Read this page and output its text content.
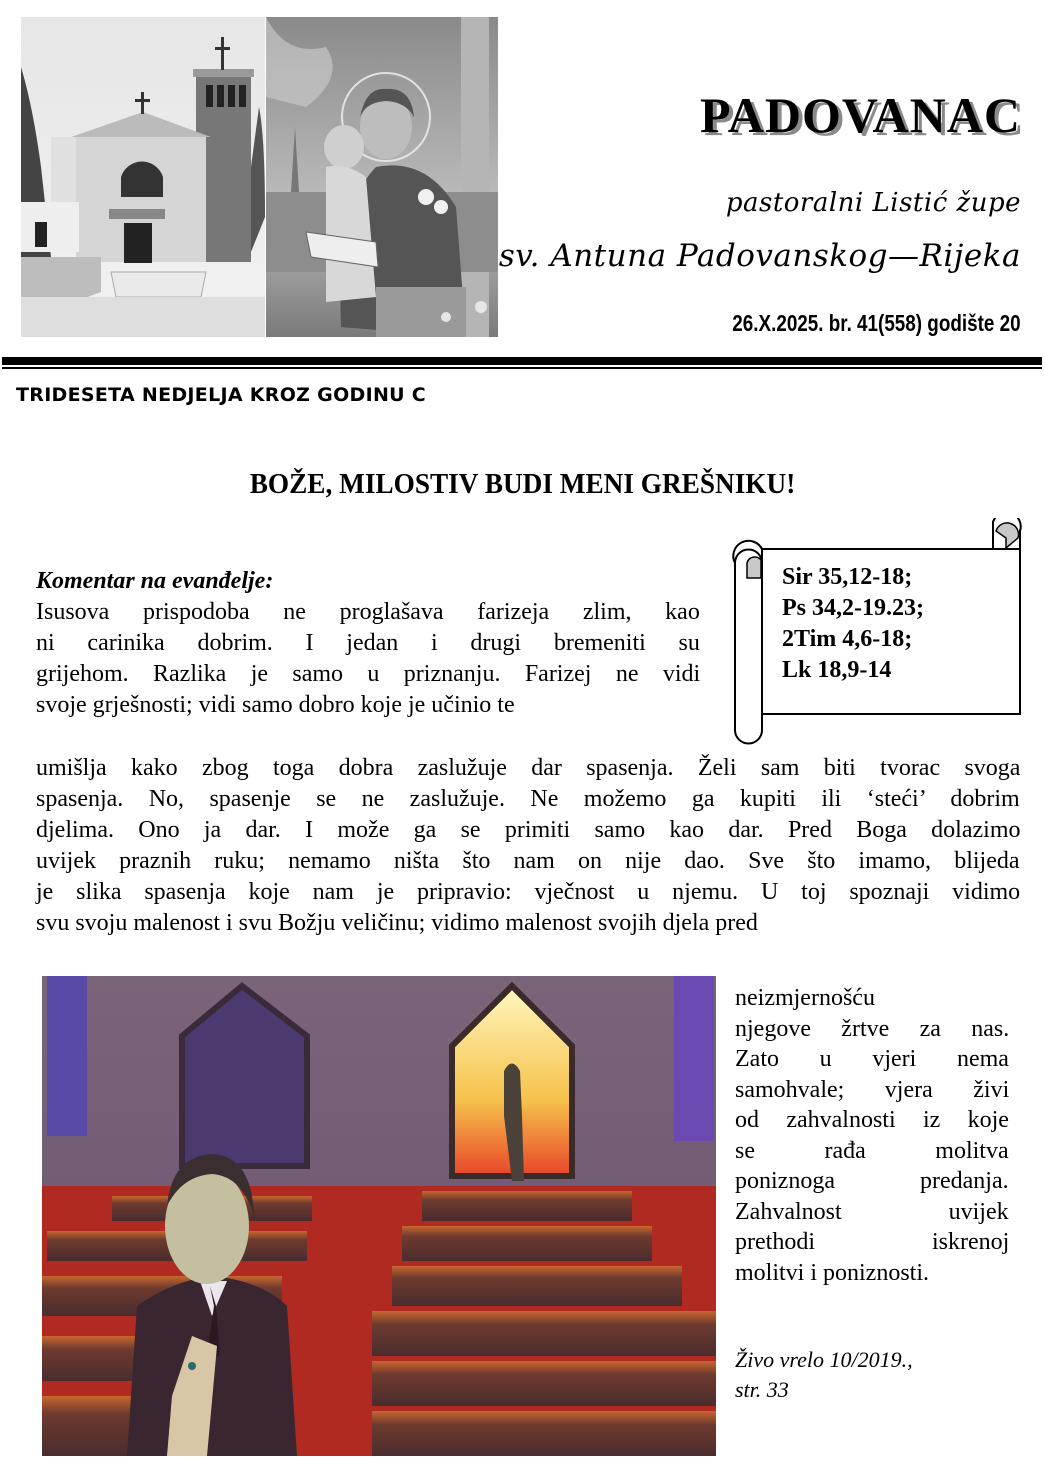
PADOVANAC
pastoralni Listić župe
sv. Antuna Padovanskog—Rijeka
26.X.2025. br. 41(558) godište 20
TRIDESETA NEDJELJA KROZ GODINU C
BOŽE, MILOSTIV BUDI MENI GREŠNIKU!
Sir 35,12-18;
Ps 34,2-19.23;
2Tim 4,6-18;
Lk 18,9-14
Komentar na evanđelje:
Isusova prispodoba ne proglašava farizeja zlim, kao
ni carinika dobrim. I jedan i drugi bremeniti su
grijehom. Razlika je samo u priznanju. Farizej ne vidi
svoje grješnosti; vidi samo dobro koje je učinio te
umišlja kako zbog toga dobra zaslužuje dar spasenja. Želi sam biti tvorac svoga
spasenja. No, spasenje se ne zaslužuje. Ne možemo ga kupiti ili ‘steći’ dobrim
djelima. Ono ja dar. I može ga se primiti samo kao dar. Pred Boga dolazimo
uvijek praznih ruku; nemamo ništa što nam on nije dao. Sve što imamo, blijeda
je slika spasenja koje nam je pripravio: vječnost u njemu. U toj spoznaji vidimo
svu svoju malenost i svu Božju veličinu; vidimo malenost svojih djela pred
neizmjernošću
njegove žrtve za nas.
Zato u vjeri nema
samohvale; vjera živi
od zahvalnosti iz koje
se rađa molitva
poniznoga predanja.
Zahvalnost uvijek
prethodi iskrenoj
molitvi i poniznosti.
Živo vrelo 10/2019.,
str. 33
